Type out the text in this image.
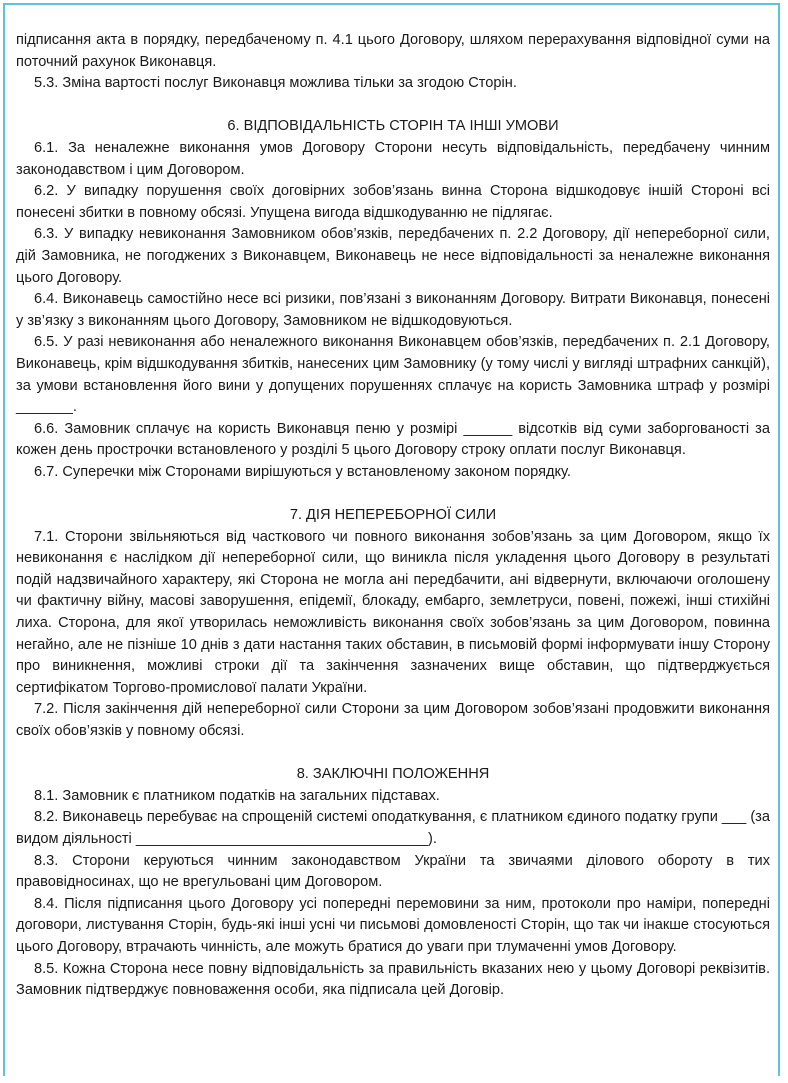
підписання акта в порядку, передбаченому п. 4.1 цього Договору, шляхом перерахування відповідної суми на поточний рахунок Виконавця.

5.3. Зміна вартості послуг Виконавця можлива тільки за згодою Сторін.

6. ВІДПОВІДАЛЬНІСТЬ СТОРІН ТА ІНШІ УМОВИ

6.1. За неналежне виконання умов Договору Сторони несуть відповідальність, передбачену чинним законодавством і цим Договором.

6.2. У випадку порушення своїх договірних зобов’язань винна Сторона відшкодовує іншій Стороні всі понесені збитки в повному обсязі. Упущена вигода відшкодуванню не підлягає.

6.3. У випадку невиконання Замовником обов’язків, передбачених п. 2.2 Договору, дії непереборної сили, дій Замовника, не погоджених з Виконавцем, Виконавець не несе відповідальності за неналежне виконання цього Договору.

6.4. Виконавець самостійно несе всі ризики, пов’язані з виконанням Договору. Витрати Виконавця, понесені у зв’язку з виконанням цього Договору, Замовником не відшкодовуються.

6.5. У разі невиконання або неналежного виконання Виконавцем обов’язків, передбачених п. 2.1 Договору, Виконавець, крім відшкодування збитків, нанесених цим Замовнику (у тому числі у вигляді штрафних санкцій), за умови встановлення його вини у допущених порушеннях сплачує на користь Замовника штраф у розмірі _______.

6.6. Замовник сплачує на користь Виконавця пеню у розмірі ______ відсотків від суми заборгованості за кожен день прострочки встановленого у розділі 5 цього Договору строку оплати послуг Виконавця.

6.7. Суперечки між Сторонами вирішуються у встановленому законом порядку.

7. ДІЯ НЕПЕРЕБОРНОЇ СИЛИ

7.1. Сторони звільняються від часткового чи повного виконання зобов’язань за цим Договором, якщо їх невиконання є наслідком дії непереборної сили, що виникла після укладення цього Договору в результаті подій надзвичайного характеру, які Сторона не могла ані передбачити, ані відвернути, включаючи оголошену чи фактичну війну, масові заворушення, епідемії, блокаду, ембарго, землетруси, повені, пожежі, інші стихійні лиха. Сторона, для якої утворилась неможливість виконання своїх зобов’язань за цим Договором, повинна негайно, але не пізніше 10 днів з дати настання таких обставин, в письмовій формі інформувати іншу Сторону про виникнення, можливі строки дії та закінчення зазначених вище обставин, що підтверджується сертифікатом Торгово-промислової палати України.

7.2. Після закінчення дій непереборної сили Сторони за цим Договором зобов’язані продовжити виконання своїх обов’язків у повному обсязі.

8. ЗАКЛЮЧНІ ПОЛОЖЕННЯ

8.1. Замовник є платником податків на загальних підставах.

8.2. Виконавець перебуває на спрощеній системі оподаткування, є платником єдиного податку групи ___ (за видом діяльності ____________________________________).

8.3. Сторони керуються чинним законодавством України та звичаями ділового обороту в тих правовідносинах, що не врегульовані цим Договором.

8.4. Після підписання цього Договору усі попередні перемовини за ним, протоколи про наміри, попередні договори, листування Сторін, будь-які інші усні чи письмові домовленості Сторін, що так чи інакше стосуються цього Договору, втрачають чинність, але можуть братися до уваги при тлумаченні умов Договору.

8.5. Кожна Сторона несе повну відповідальність за правильність вказаних нею у цьому Договорі реквізитів. Замовник підтверджує повноваження особи, яка підписала цей Договір.
